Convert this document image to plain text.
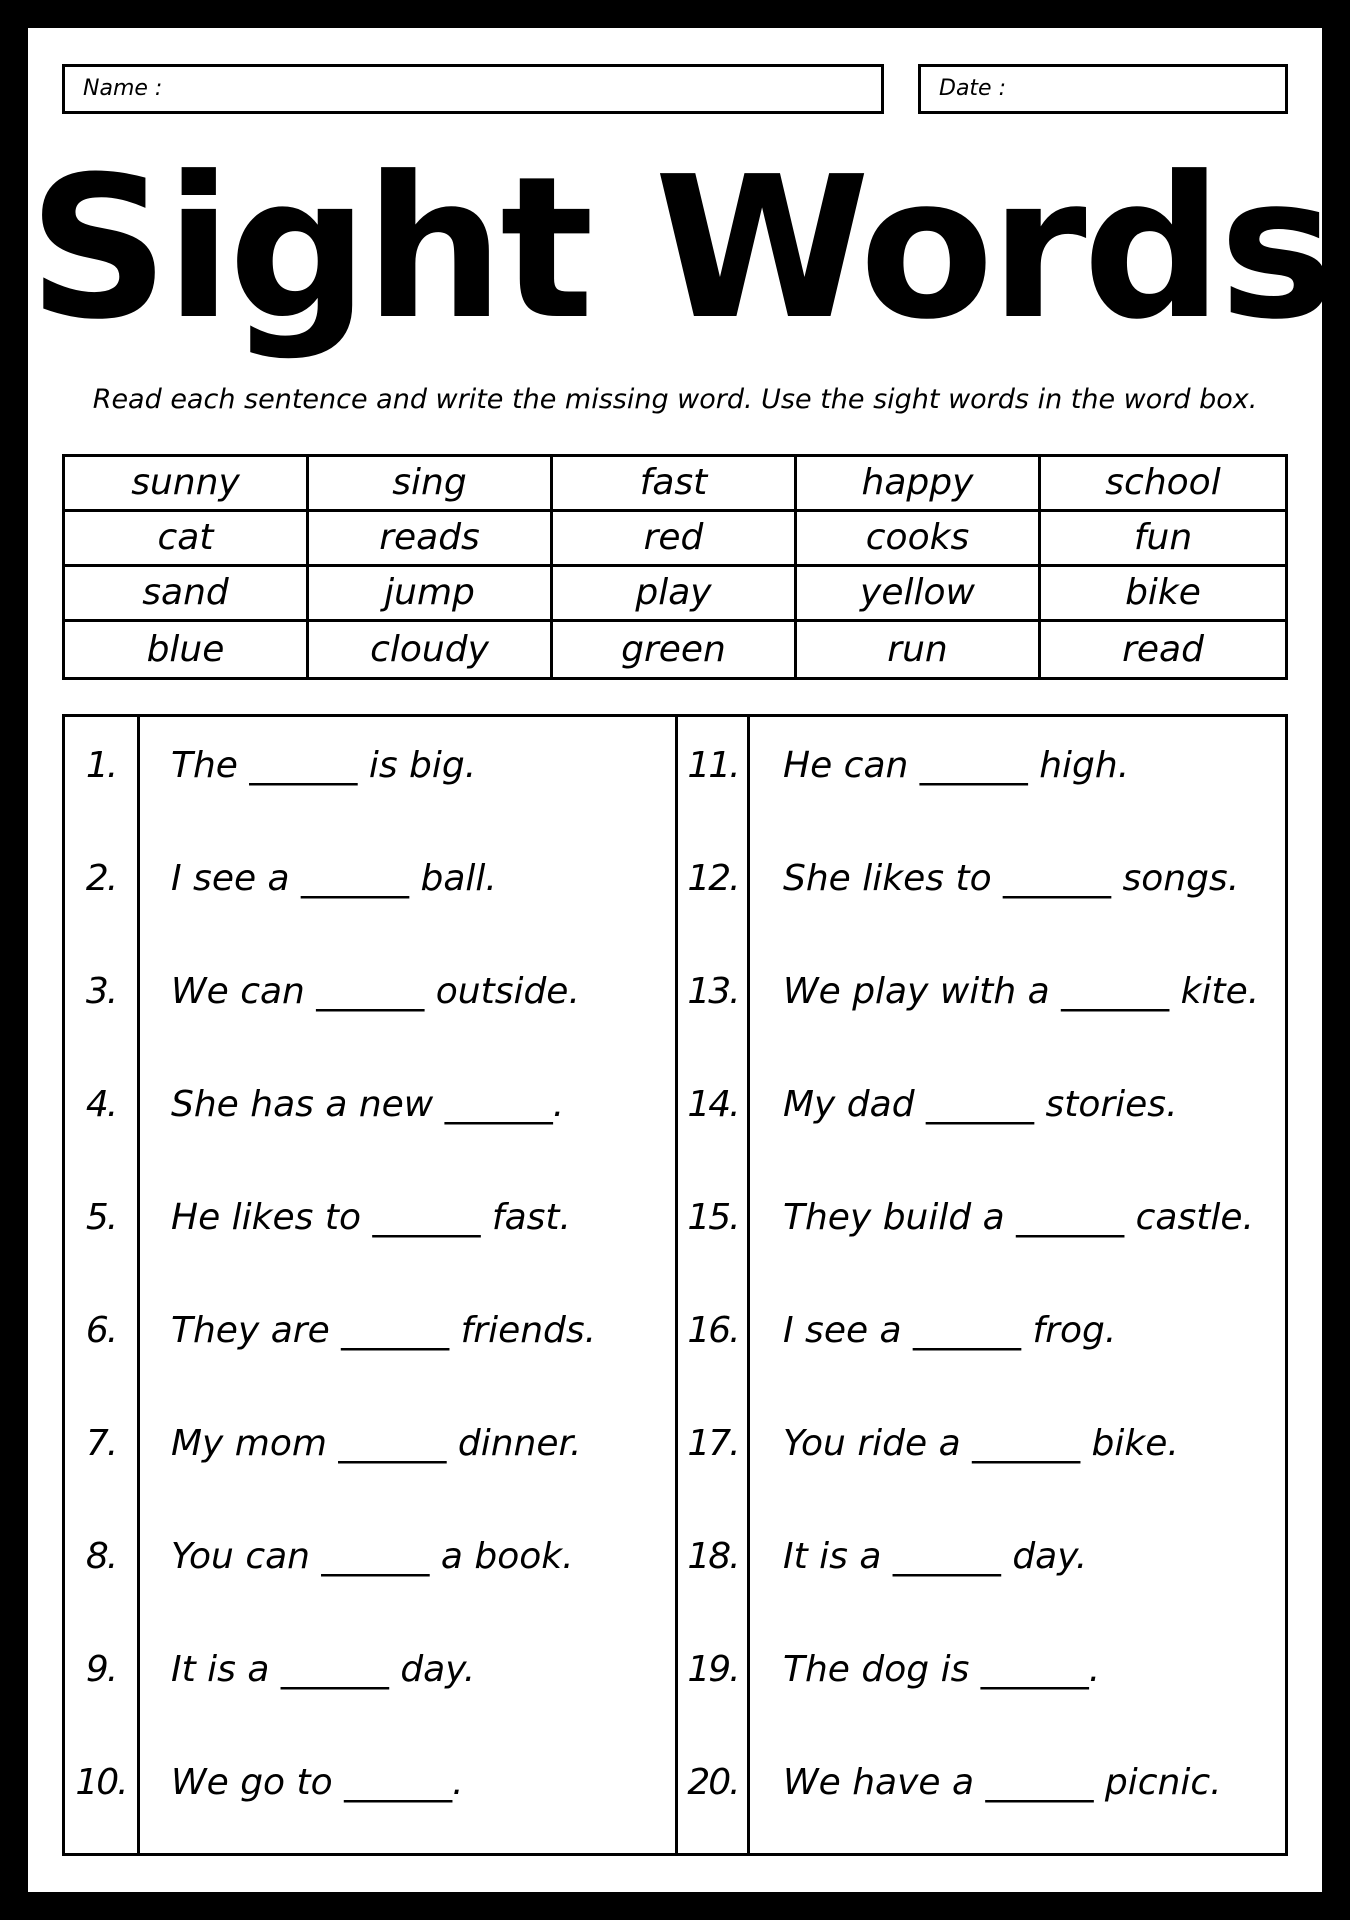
Name :	Date :
Sight Words
Read each sentence and write the missing word. Use the sight words in the word box.
sunny	sing	fast	happy	school
cat	reads	red	cooks	fun
sand	jump	play	yellow	bike
blue	cloudy	green	run	read
1.	The ______ is big.
2.	I see a ______ ball.
3.	We can ______ outside.
4.	She has a new ______.
5.	He likes to ______ fast.
6.	They are ______ friends.
7.	My mom ______ dinner.
8.	You can ______ a book.
9.	It is a ______ day.
10. We go to ______.
11. He can ______ high.
12. She likes to ______ songs.
13. We play with a ______ kite.
14. My dad ______ stories.
15. They build a ______ castle.
16. I see a ______ frog.
17. You ride a ______ bike.
18. It is a ______ day.
19. The dog is ______.
20. We have a ______ picnic.
